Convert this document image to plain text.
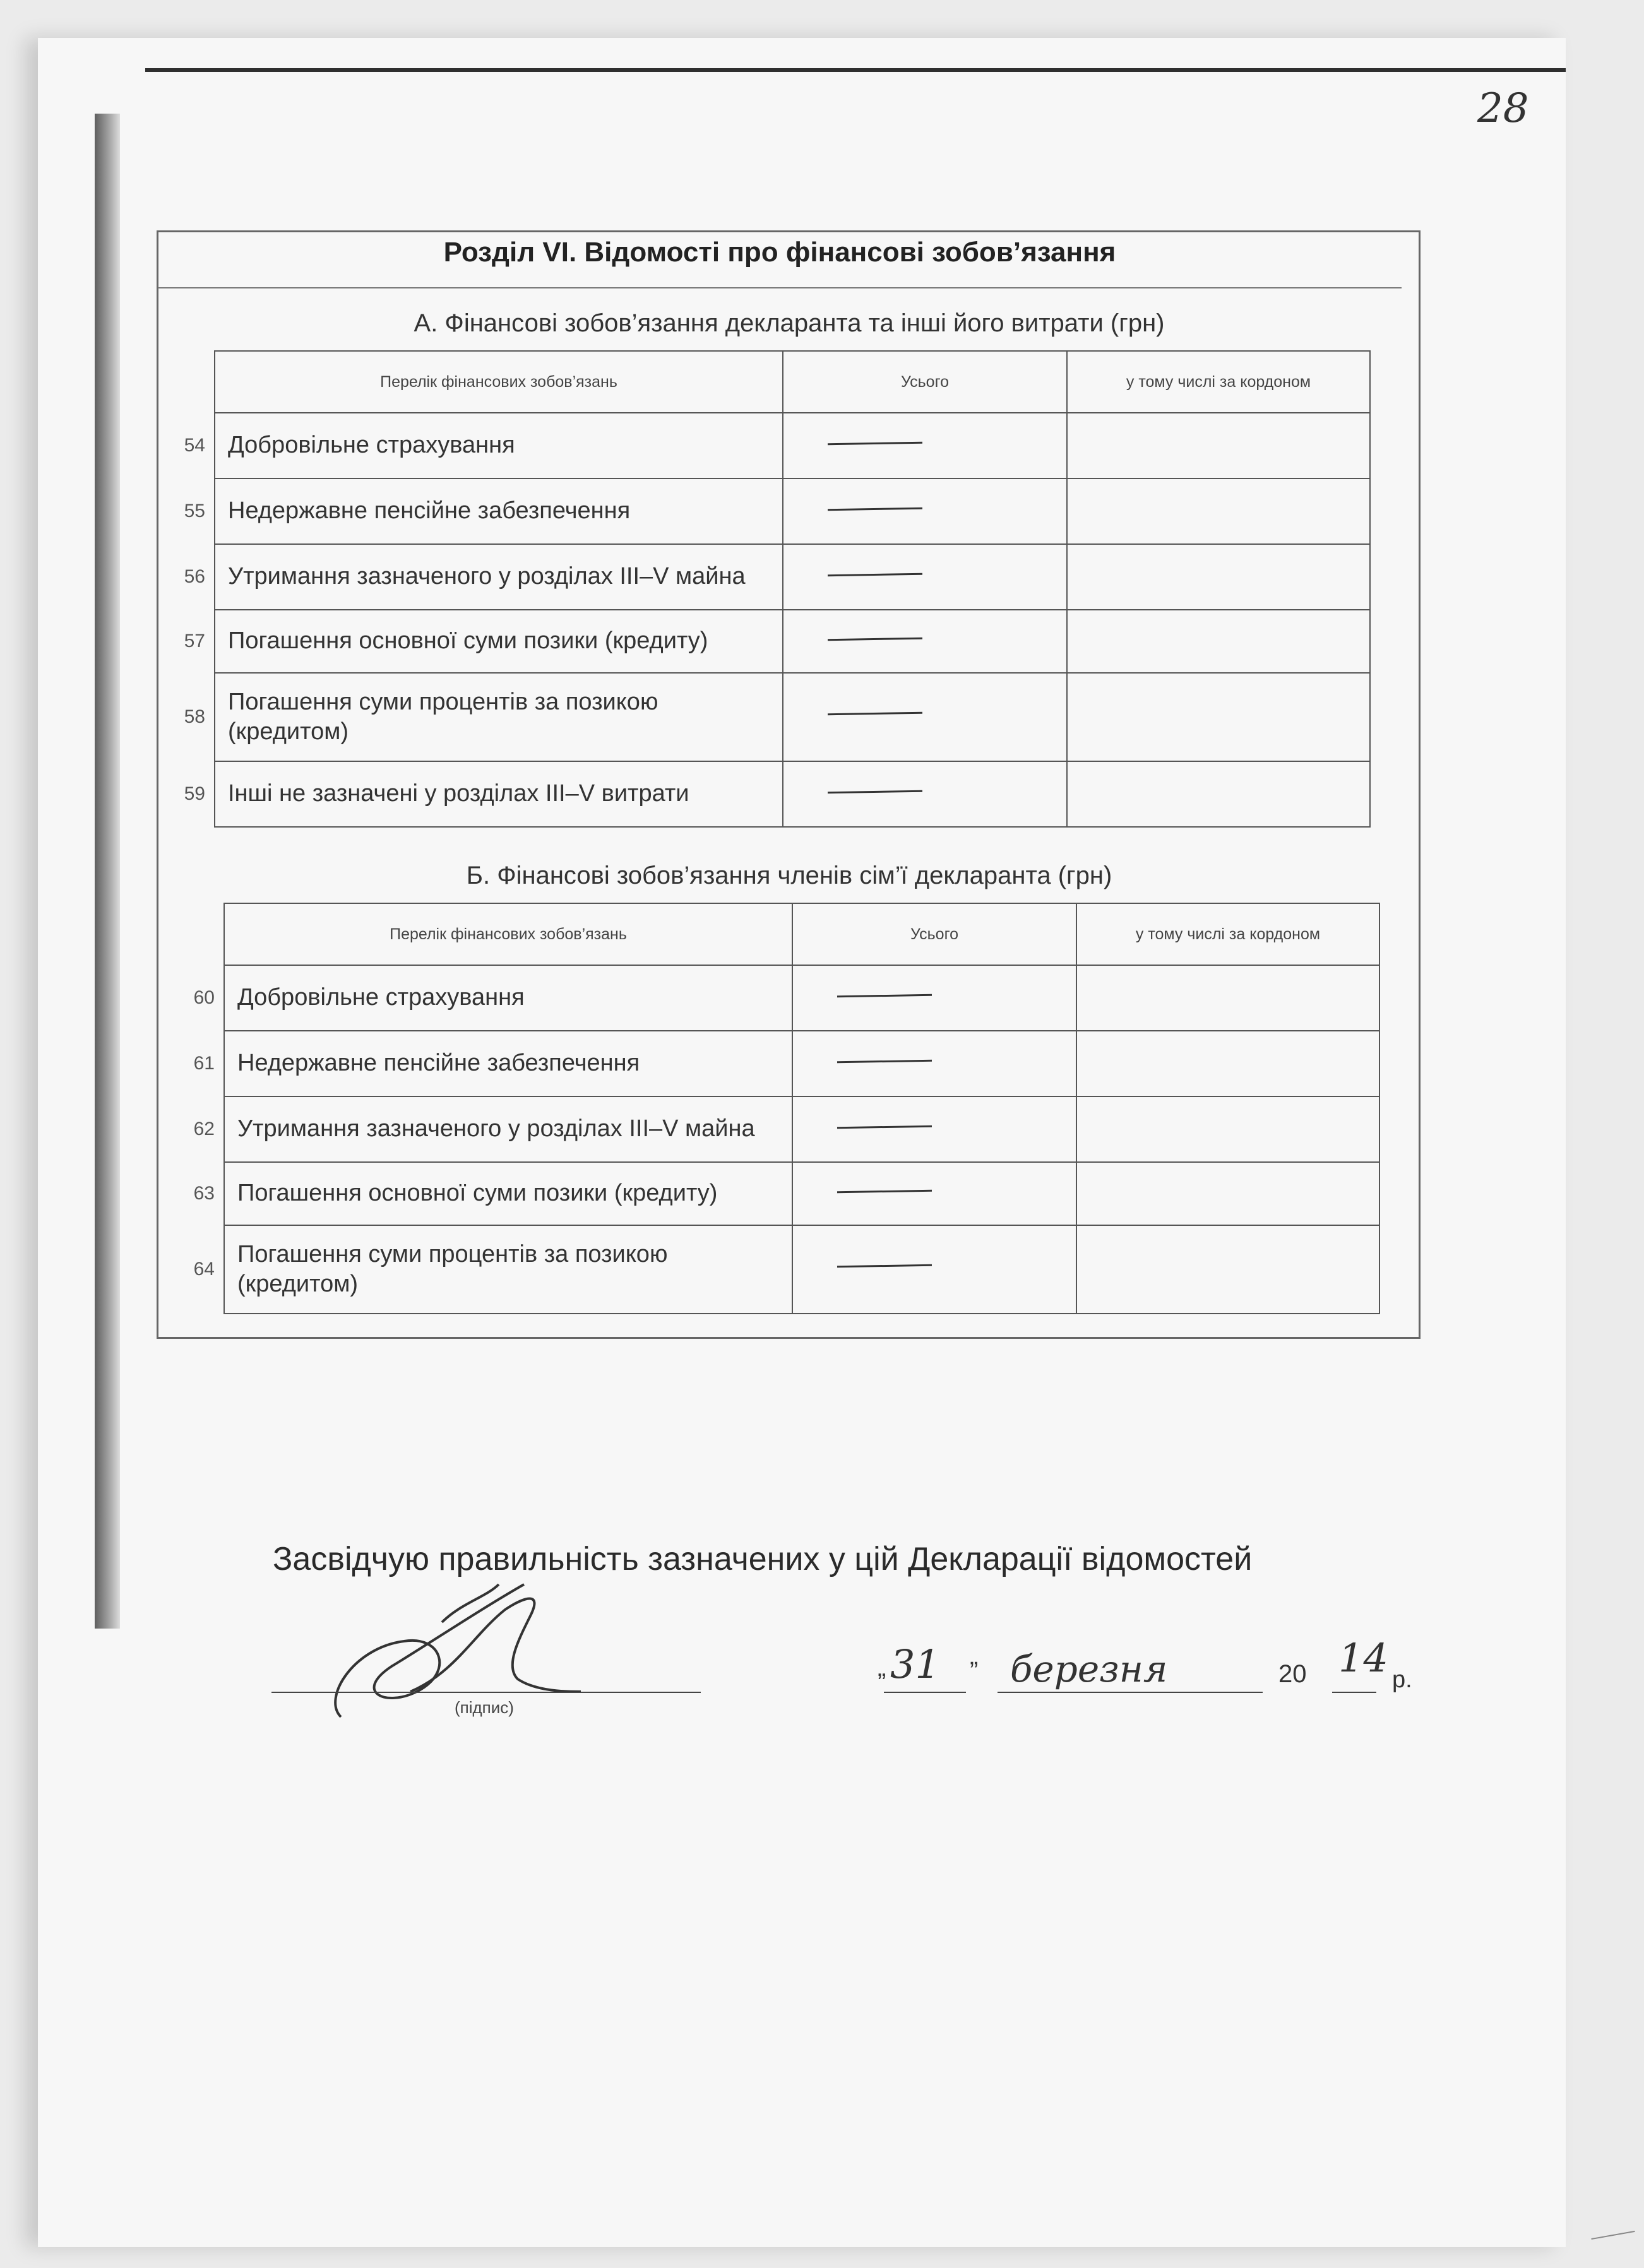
28
Розділ VI. Відомості про фінансові зобов’язання
А. Фінансові зобов’язання декларанта та інші його витрати (грн)
	Перелік фінансових зобов’язань	Усього	у тому числі за кордоном
54	Добровільне страхування	

55	Недержавне пенсійне забезпечення	

56	Утримання зазначеного у розділах III–V майна	

57	Погашення основної суми позики (кредиту)	

58	Погашення суми процентів за позикою (кредитом)	

59	Інші не зазначені у розділах III–V витрати	

Б. Фінансові зобов’язання членів сім’ї декларанта (грн)
	Перелік фінансових зобов’язань	Усього	у тому числі за кордоном
60	Добровільне страхування	

61	Недержавне пенсійне забезпечення	

62	Утримання зазначеного у розділах III–V майна	

63	Погашення основної суми позики (кредиту)	

64	Погашення суми процентів за позикою (кредитом)	

Засвідчую правильність зазначених у цій Декларації відомостей
(підпис)
„ 31 ” березня	20 14 р.
